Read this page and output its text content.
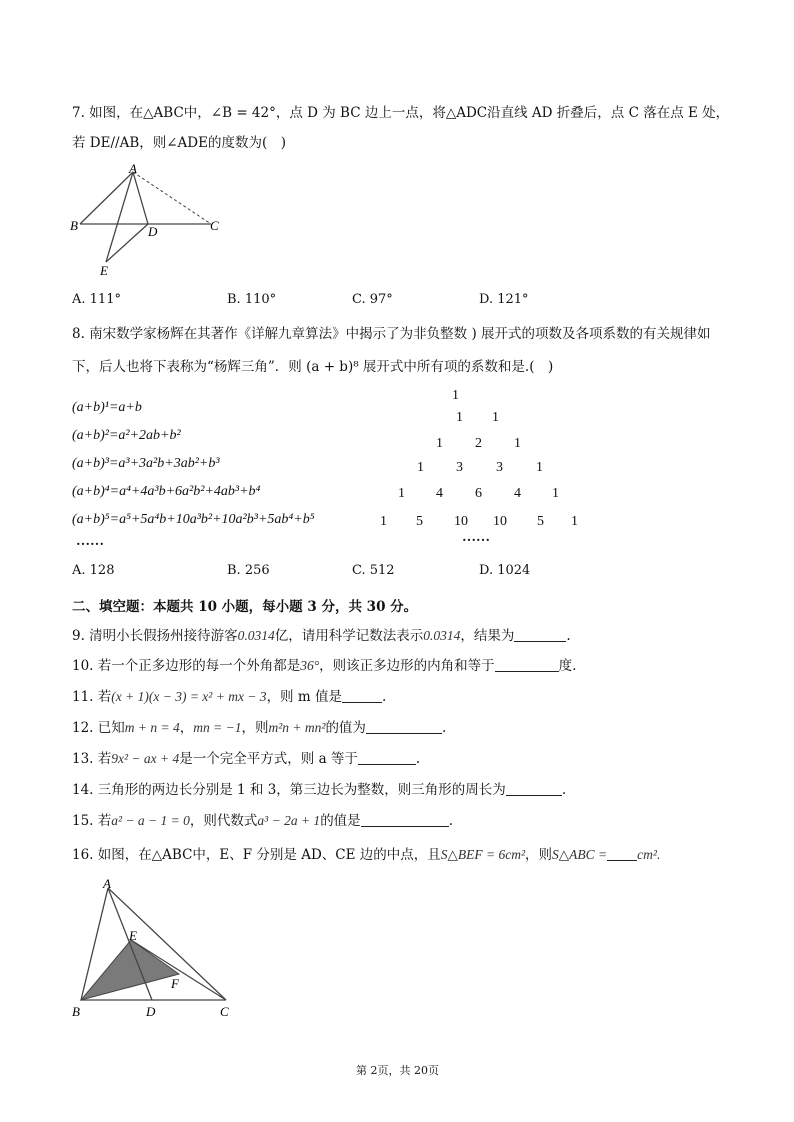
7. 如图，在△ABC中，∠B = 42°，点 D 为 BC 边上一点，将△ADC沿直线 AD 折叠后，点 C 落在点 E 处，
若 DE//AB，则∠ADE的度数为(　)
A
B	C
D
E
A. 111°	B. 110°	C. 97°	D. 121°
8. 南宋数学家杨辉在其著作《详解九章算法》中揭示了为非负整数 ) 展开式的项数及各项系数的有关规律如
下，后人也将下表称为“杨辉三角”．则 (a + b)⁸ 展开式中所有项的系数和是.(　)
(a+b)¹=a+b
(a+b)²=a²+2ab+b²
(a+b)³=a³+3a²b+3ab²+b³
(a+b)⁴=a⁴+4a³b+6a²b²+4ab³+b⁴
(a+b)⁵=a⁵+5a⁴b+10a³b²+10a²b³+5ab⁴+b⁵
……
1
1 1
1 2 1
1 3 3 1
1 4 6 4 1
1 5 10 10 5 1
……
A. 128	B. 256	C. 512	D. 1024
二、填空题：本题共 10 小题，每小题 3 分，共 30 分。
9. 清明小长假扬州接待游客0.0314亿，请用科学记数法表示0.0314，结果为	.
10. 若一个正多边形的每一个外角都是36°，则该正多边形的内角和等于	度.
11. 若(x + 1)(x − 3) = x² + mx − 3，则 m 值是	.
12. 已知m + n = 4，mn = −1，则m²n + mn²的值为	.
13. 若9x² − ax + 4是一个完全平方式，则 a 等于	.
14. 三角形的两边长分别是 1 和 3，第三边长为整数，则三角形的周长为	.
15. 若a² − a − 1 = 0，则代数式a³ − 2a + 1的值是	.
16. 如图，在△ABC中，E、F 分别是 AD、CE 边的中点，且S△BEF = 6cm²，则S△ABC = cm².
A
B	C
D
E
F
第 2页，共 20页
